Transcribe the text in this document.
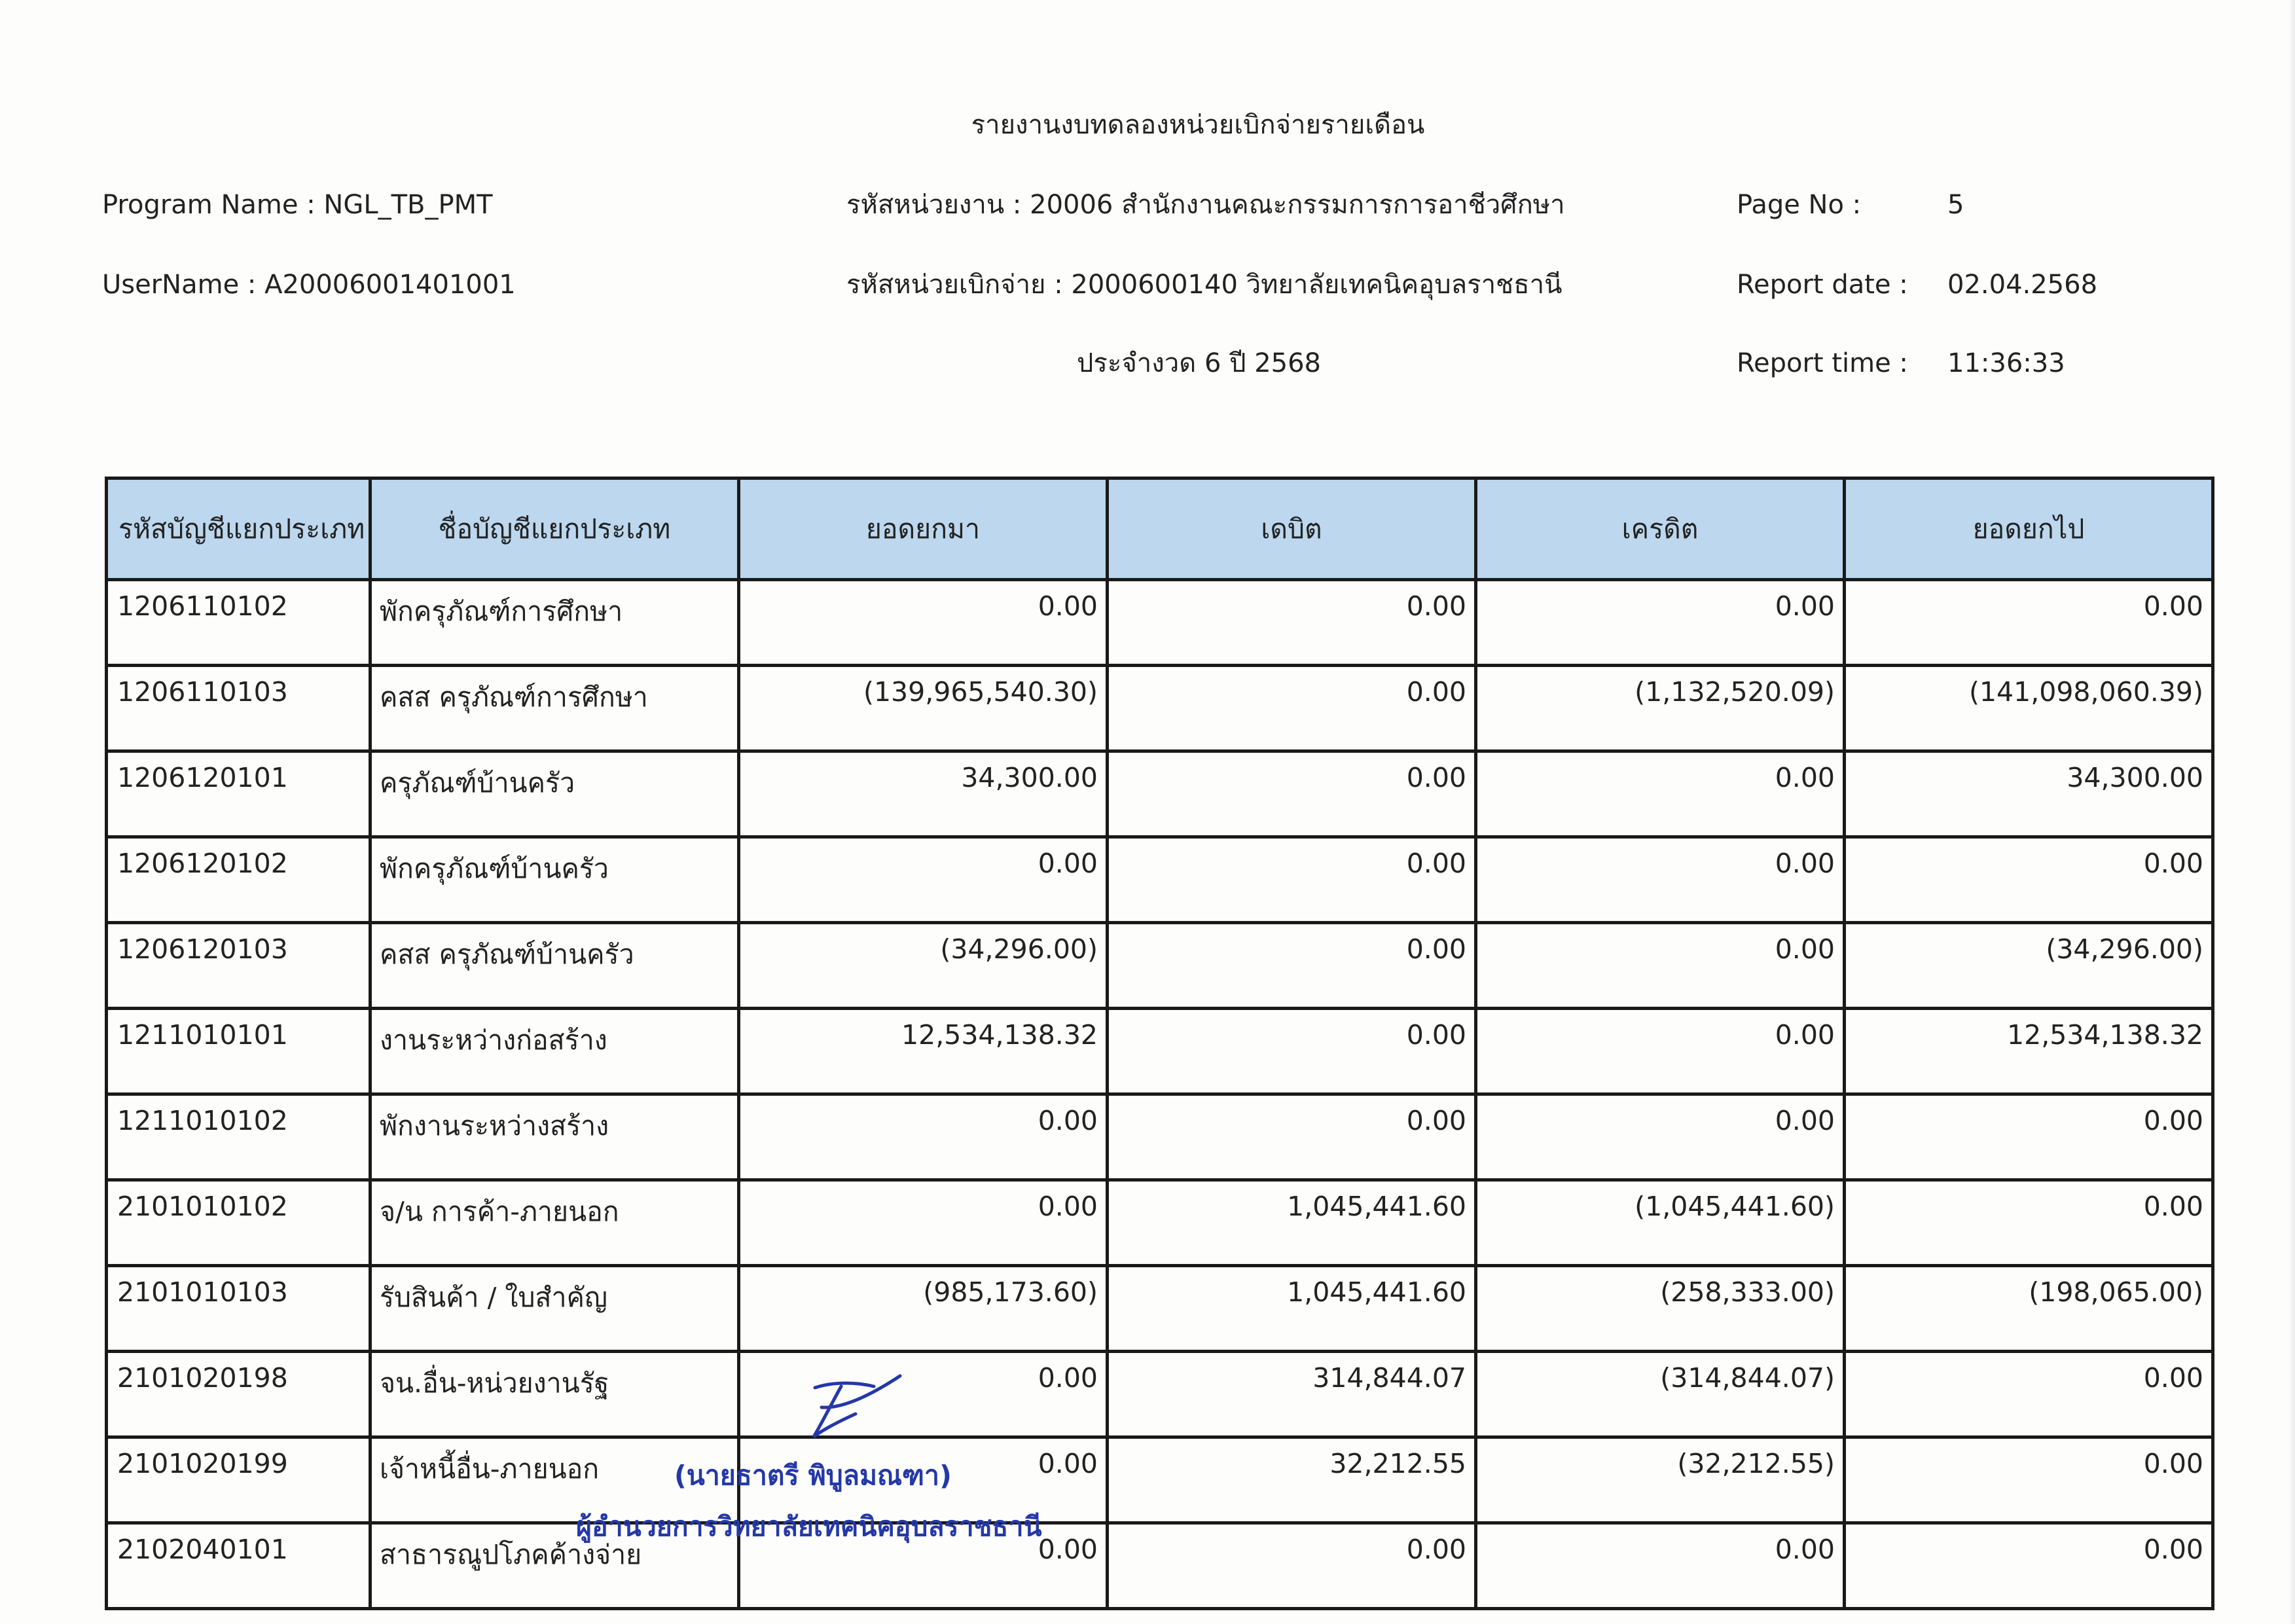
รายงานงบทดลองหน่วยเบิกจ่ายรายเดือน
Program Name : NGL_TB_PMT
UserName : A20006001401001
รหัสหน่วยงาน : 20006 สำนักงานคณะกรรมการการอาชีวศึกษา
รหัสหน่วยเบิกจ่าย : 2000600140 วิทยาลัยเทคนิคอุบลราชธานี
ประจำงวด 6 ปี 2568
Page No :	5
Report date : 02.04.2568
Report time : 11:36:33
รหัสบัญชีแยกประเภท	ชื่อบัญชีแยกประเภท	ยอดยกมา	เดบิต	เครดิต	ยอดยกไป
1206110102	พักครุภัณฑ์การศึกษา	0.00	0.00	0.00	0.00
1206110103	คสส ครุภัณฑ์การศึกษา	(139,965,540.30)	0.00	(1,132,520.09)	(141,098,060.39)
1206120101	ครุภัณฑ์บ้านครัว	34,300.00	0.00	0.00	34,300.00
1206120102	พักครุภัณฑ์บ้านครัว	0.00	0.00	0.00	0.00
1206120103	คสส ครุภัณฑ์บ้านครัว	(34,296.00)	0.00	0.00	(34,296.00)
1211010101	งานระหว่างก่อสร้าง	12,534,138.32	0.00	0.00	12,534,138.32
1211010102	พักงานระหว่างสร้าง	0.00	0.00	0.00	0.00
2101010102	จ/น การค้า-ภายนอก	0.00	1,045,441.60	(1,045,441.60)	0.00
2101010103	รับสินค้า / ใบสำคัญ	(985,173.60)	1,045,441.60	(258,333.00)	(198,065.00)
2101020198	จน.อื่น-หน่วยงานรัฐ	0.00	314,844.07	(314,844.07)	0.00
2101020199	เจ้าหนี้อื่น-ภายนอก	0.00	32,212.55	(32,212.55)	0.00
2102040101	สาธารณูปโภคค้างจ่าย	0.00	0.00	0.00	0.00
(นายธาตรี พิบูลมณฑา)
ผู้อำนวยการวิทยาลัยเทคนิคอุบลราชธานี
